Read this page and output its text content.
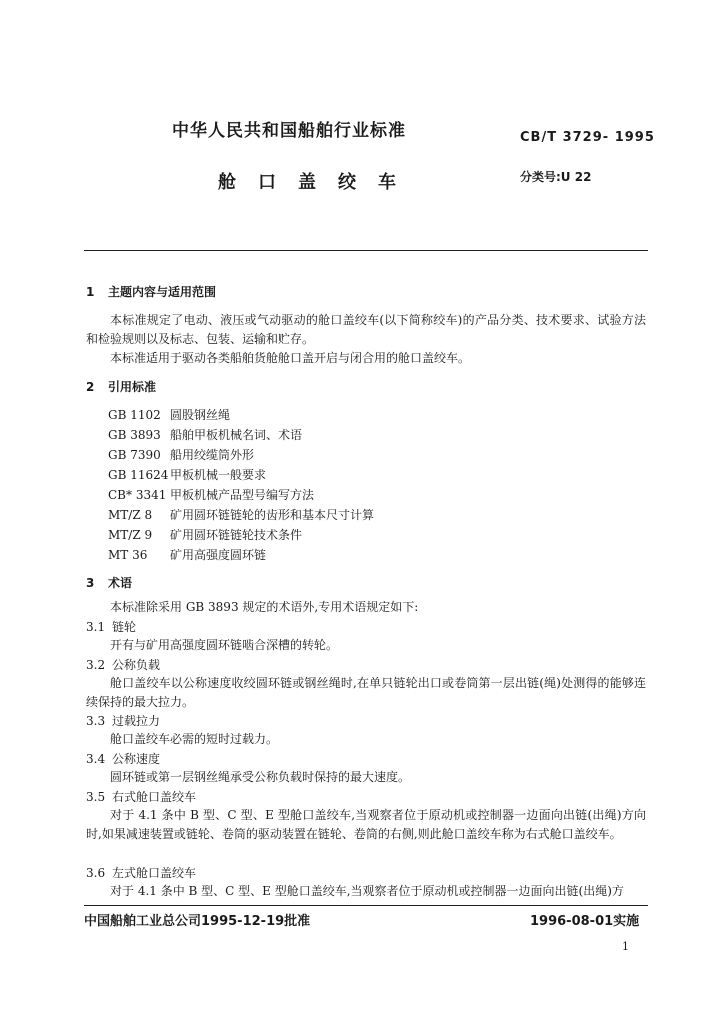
中华人民共和国船舶行业标准	CB/T 3729- 1995
舱口盖绞车	分类号:U 22
1 主题内容与适用范围
本标准规定了电动、液压或气动驱动的舱口盖绞车(以下简称绞车)的产品分类、技术要求、试验方法和检验规则以及标志、包装、运输和贮存。
本标准适用于驱动各类船舶货舱舱口盖开启与闭合用的舱口盖绞车。
2 引用标准
GB 1102 圆股钢丝绳
GB 3893 船舶甲板机械名词、术语
GB 7390 船用绞缆筒外形
GB 11624 甲板机械一般要求
CB* 3341 甲板机械产品型号编写方法
MT/Z 8 矿用圆环链链轮的齿形和基本尺寸计算
MT/Z 9 矿用圆环链链轮技术条件
MT 36 矿用高强度圆环链
3 术语
本标准除采用 GB 3893 规定的术语外,专用术语规定如下:
3.1 链轮
开有与矿用高强度圆环链啮合深槽的转轮。
3.2 公称负载
舱口盖绞车以公称速度收绞圆环链或钢丝绳时,在单只链轮出口或卷筒第一层出链(绳)处测得的能够连续保持的最大拉力。
3.3 过载拉力
舱口盖绞车必需的短时过载力。
3.4 公称速度
圆环链或第一层钢丝绳承受公称负载时保持的最大速度。
3.5 右式舱口盖绞车
对于 4.1 条中 B 型、C 型、E 型舱口盖绞车,当观察者位于原动机或控制器一边面向出链(出绳)方向时,如果减速装置或链轮、卷筒的驱动装置在链轮、卷筒的右侧,则此舱口盖绞车称为右式舱口盖绞车。
3.6 左式舱口盖绞车
对于 4.1 条中 B 型、C 型、E 型舱口盖绞车,当观察者位于原动机或控制器一边面向出链(出绳)方
中国船舶工业总公司1995-12-19批准	1996-08-01实施
1
